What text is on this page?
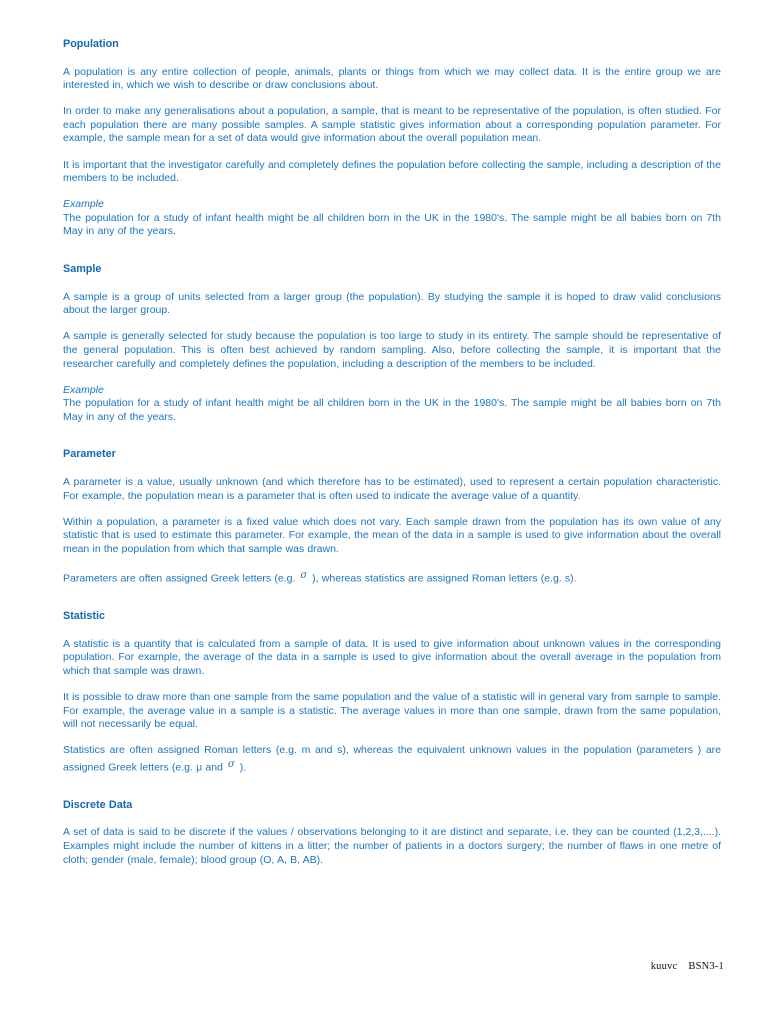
Population

A population is any entire collection of people, animals, plants or things from which we may collect data. It is the entire group we are interested in, which we wish to describe or draw conclusions about.

In order to make any generalisations about a population, a sample, that is meant to be representative of the population, is often studied. For each population there are many possible samples. A sample statistic gives information about a corresponding population parameter. For example, the sample mean for a set of data would give information about the overall population mean.

It is important that the investigator carefully and completely defines the population before collecting the sample, including a description of the members to be included.

Example

The population for a study of infant health might be all children born in the UK in the 1980's. The sample might be all babies born on 7th May in any of the years.

Sample

A sample is a group of units selected from a larger group (the population). By studying the sample it is hoped to draw valid conclusions about the larger group.

A sample is generally selected for study because the population is too large to study in its entirety. The sample should be representative of the general population. This is often best achieved by random sampling. Also, before collecting the sample, it is important that the researcher carefully and completely defines the population, including a description of the members to be included.

Example

The population for a study of infant health might be all children born in the UK in the 1980's. The sample might be all babies born on 7th May in any of the years.

Parameter

A parameter is a value, usually unknown (and which therefore has to be estimated), used to represent a certain population characteristic. For example, the population mean is a parameter that is often used to indicate the average value of a quantity.

Within a population, a parameter is a fixed value which does not vary. Each sample drawn from the population has its own value of any statistic that is used to estimate this parameter. For example, the mean of the data in a sample is used to give information about the overall mean in the population from which that sample was drawn.

Parameters are often assigned Greek letters (e.g. σ ), whereas statistics are assigned Roman letters (e.g. s).

Statistic

A statistic is a quantity that is calculated from a sample of data. It is used to give information about unknown values in the corresponding population. For example, the average of the data in a sample is used to give information about the overall average in the population from which that sample was drawn.

It is possible to draw more than one sample from the same population and the value of a statistic will in general vary from sample to sample. For example, the average value in a sample is a statistic. The average values in more than one sample, drawn from the same population, will not necessarily be equal.

Statistics are often assigned Roman letters (e.g. m and s), whereas the equivalent unknown values in the population (parameters ) are assigned Greek letters (e.g. μ and σ ).

Discrete Data

A set of data is said to be discrete if the values / observations belonging to it are distinct and separate, i.e. they can be counted (1,2,3,....). Examples might include the number of kittens in a litter; the number of patients in a doctors surgery; the number of flaws in one metre of cloth; gender (male, female); blood group (O, A, B, AB).

kuuvc BSN3-1
